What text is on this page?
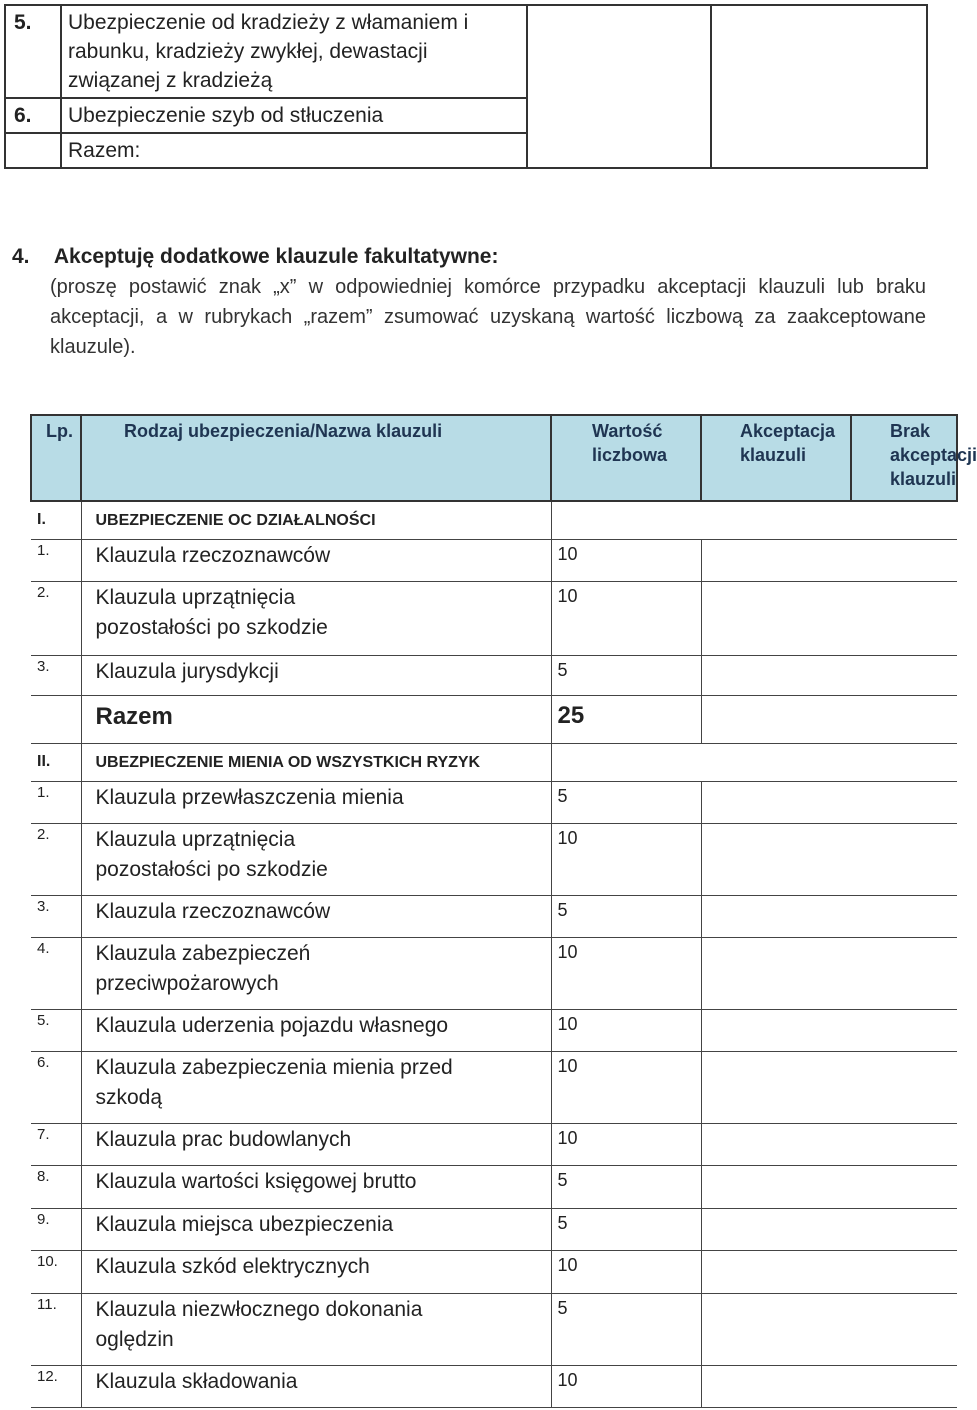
5.	Ubezpieczenie od kradzieży z włamaniem i rabunku, kradzieży zwykłej, dewastacji związanej z kradzieżą		
6.	Ubezpieczenie szyb od stłuczenia		
	Razem:		
4. Akceptuję dodatkowe klauzule fakultatywne:
(proszę postawić znak „x” w odpowiedniej komórce przypadku akceptacji klauzuli lub braku akceptacji, a w rubrykach „razem” zsumować uzyskaną wartość liczbową za zaakceptowane klauzule).
Lp.	Rodzaj ubezpieczenia/Nazwa klauzuli	Wartość liczbowa	Akceptacja klauzuli	Brak akceptacji klauzuli
I.	UBEZPIECZENIE OC DZIAŁALNOŚCI			
1.	Klauzula rzeczoznawców	10		
2.	Klauzula uprzątnięcia pozostałości po szkodzie	10		
3.	Klauzula jurysdykcji	5		
	Razem	25		
II.	UBEZPIECZENIE MIENIA OD WSZYSTKICH RYZYK			
1.	Klauzula przewłaszczenia mienia	5		
2.	Klauzula uprzątnięcia pozostałości po szkodzie	10		
3.	Klauzula rzeczoznawców	5		
4.	Klauzula zabezpieczeń przeciwpożarowych	10		
5.	Klauzula uderzenia pojazdu własnego	10		
6.	Klauzula zabezpieczenia mienia przed szkodą	10		
7.	Klauzula prac budowlanych	10		
8.	Klauzula wartości księgowej brutto	5		
9.	Klauzula miejsca ubezpieczenia	5		
10.	Klauzula szkód elektrycznych	10		
11.	Klauzula niezwłocznego dokonania oględzin	5		
12.	Klauzula składowania	10		
